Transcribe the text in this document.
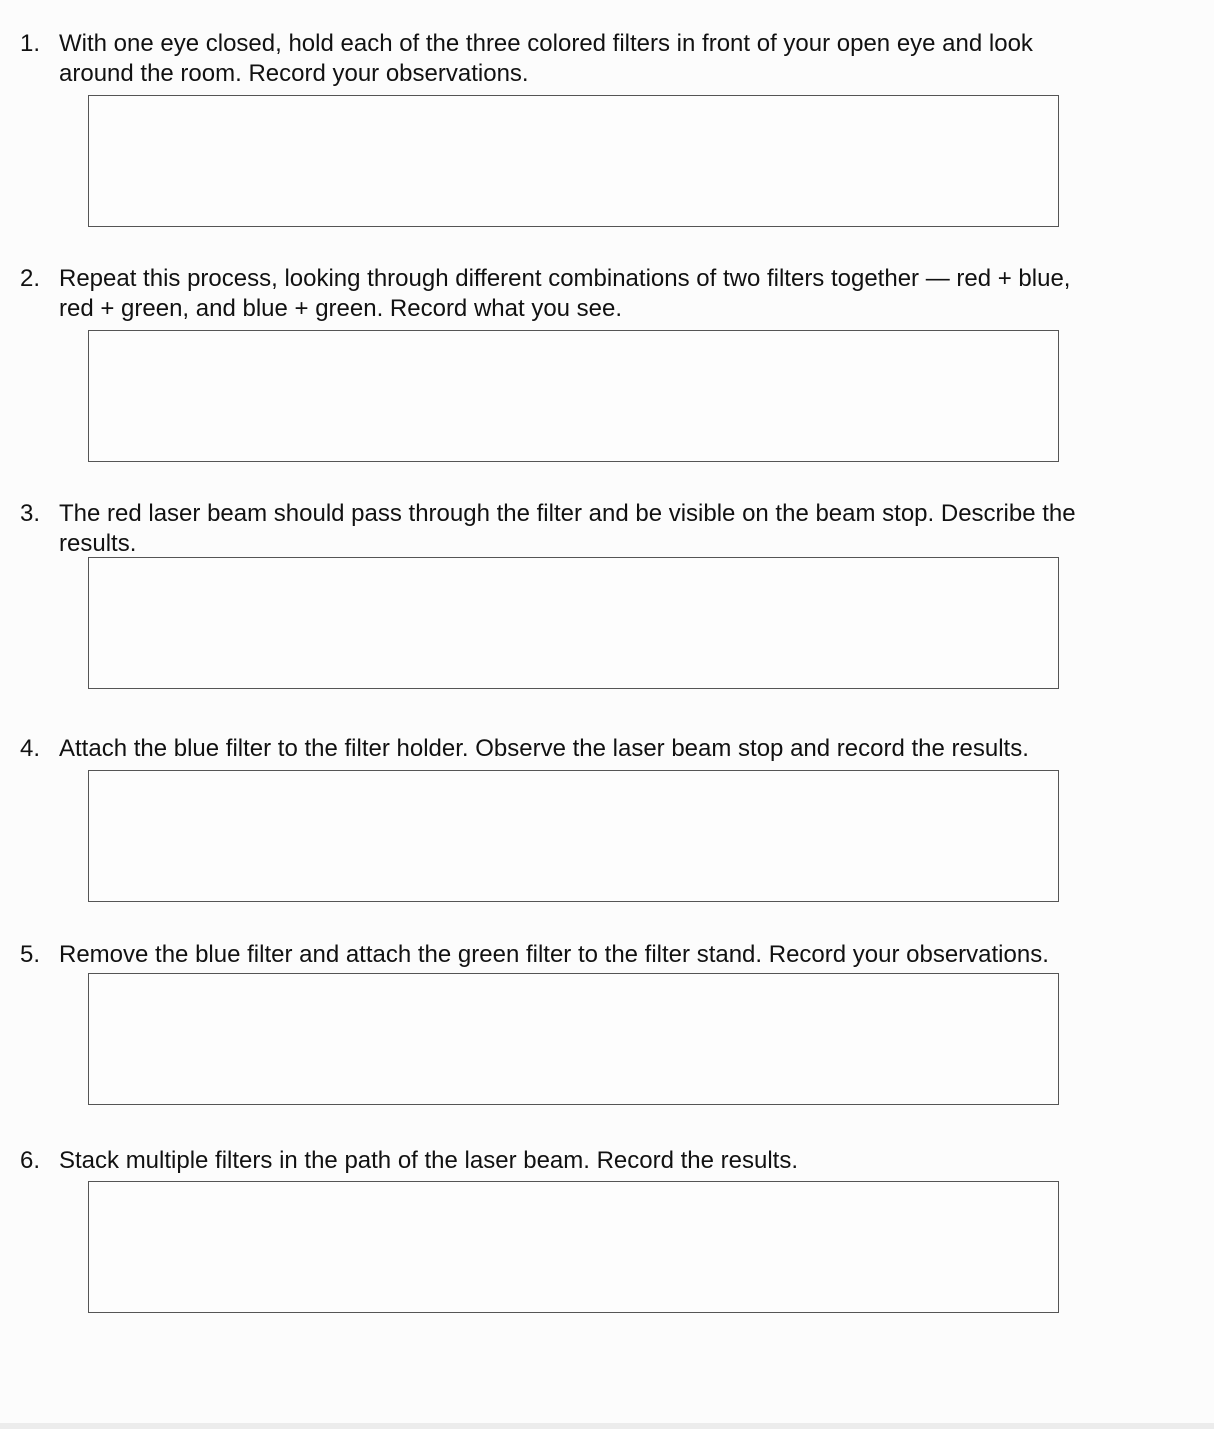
1. With one eye closed, hold each of the three colored filters in front of your open eye and look
around the room. Record your observations.
2. Repeat this process, looking through different combinations of two filters together — red + blue,
red + green, and blue + green. Record what you see.
3. The red laser beam should pass through the filter and be visible on the beam stop. Describe the
results.
4. Attach the blue filter to the filter holder. Observe the laser beam stop and record the results.
5. Remove the blue filter and attach the green filter to the filter stand. Record your observations.
6. Stack multiple filters in the path of the laser beam. Record the results.
